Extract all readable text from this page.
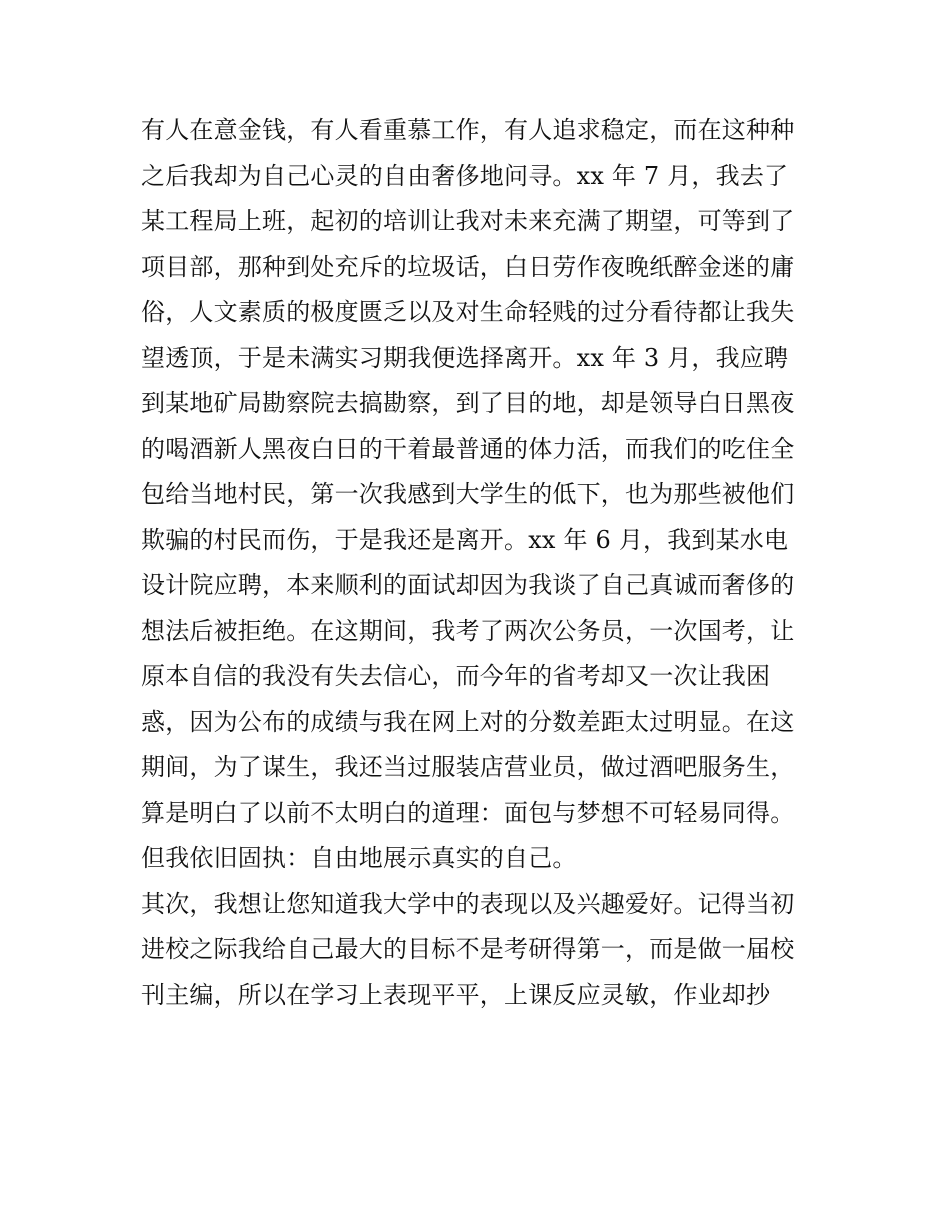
有人在意金钱，有人看重慕工作，有人追求稳定，而在这种种
之后我却为自己心灵的自由奢侈地问寻。xx 年 7 月，我去了
某工程局上班，起初的培训让我对未来充满了期望，可等到了
项目部，那种到处充斥的垃圾话，白日劳作夜晚纸醉金迷的庸
俗，人文素质的极度匮乏以及对生命轻贱的过分看待都让我失
望透顶，于是未满实习期我便选择离开。xx 年 3 月，我应聘
到某地矿局勘察院去搞勘察，到了目的地，却是领导白日黑夜
的喝酒新人黑夜白日的干着最普通的体力活，而我们的吃住全
包给当地村民，第一次我感到大学生的低下，也为那些被他们
欺骗的村民而伤，于是我还是离开。xx 年 6 月，我到某水电
设计院应聘，本来顺利的面试却因为我谈了自己真诚而奢侈的
想法后被拒绝。在这期间，我考了两次公务员，一次国考，让
原本自信的我没有失去信心，而今年的省考却又一次让我困
惑，因为公布的成绩与我在网上对的分数差距太过明显。在这
期间，为了谋生，我还当过服装店营业员，做过酒吧服务生，
算是明白了以前不太明白的道理：面包与梦想不可轻易同得。
但我依旧固执：自由地展示真实的自己。
其次，我想让您知道我大学中的表现以及兴趣爱好。记得当初
进校之际我给自己最大的目标不是考研得第一，而是做一届校
刊主编，所以在学习上表现平平，上课反应灵敏，作业却抄
